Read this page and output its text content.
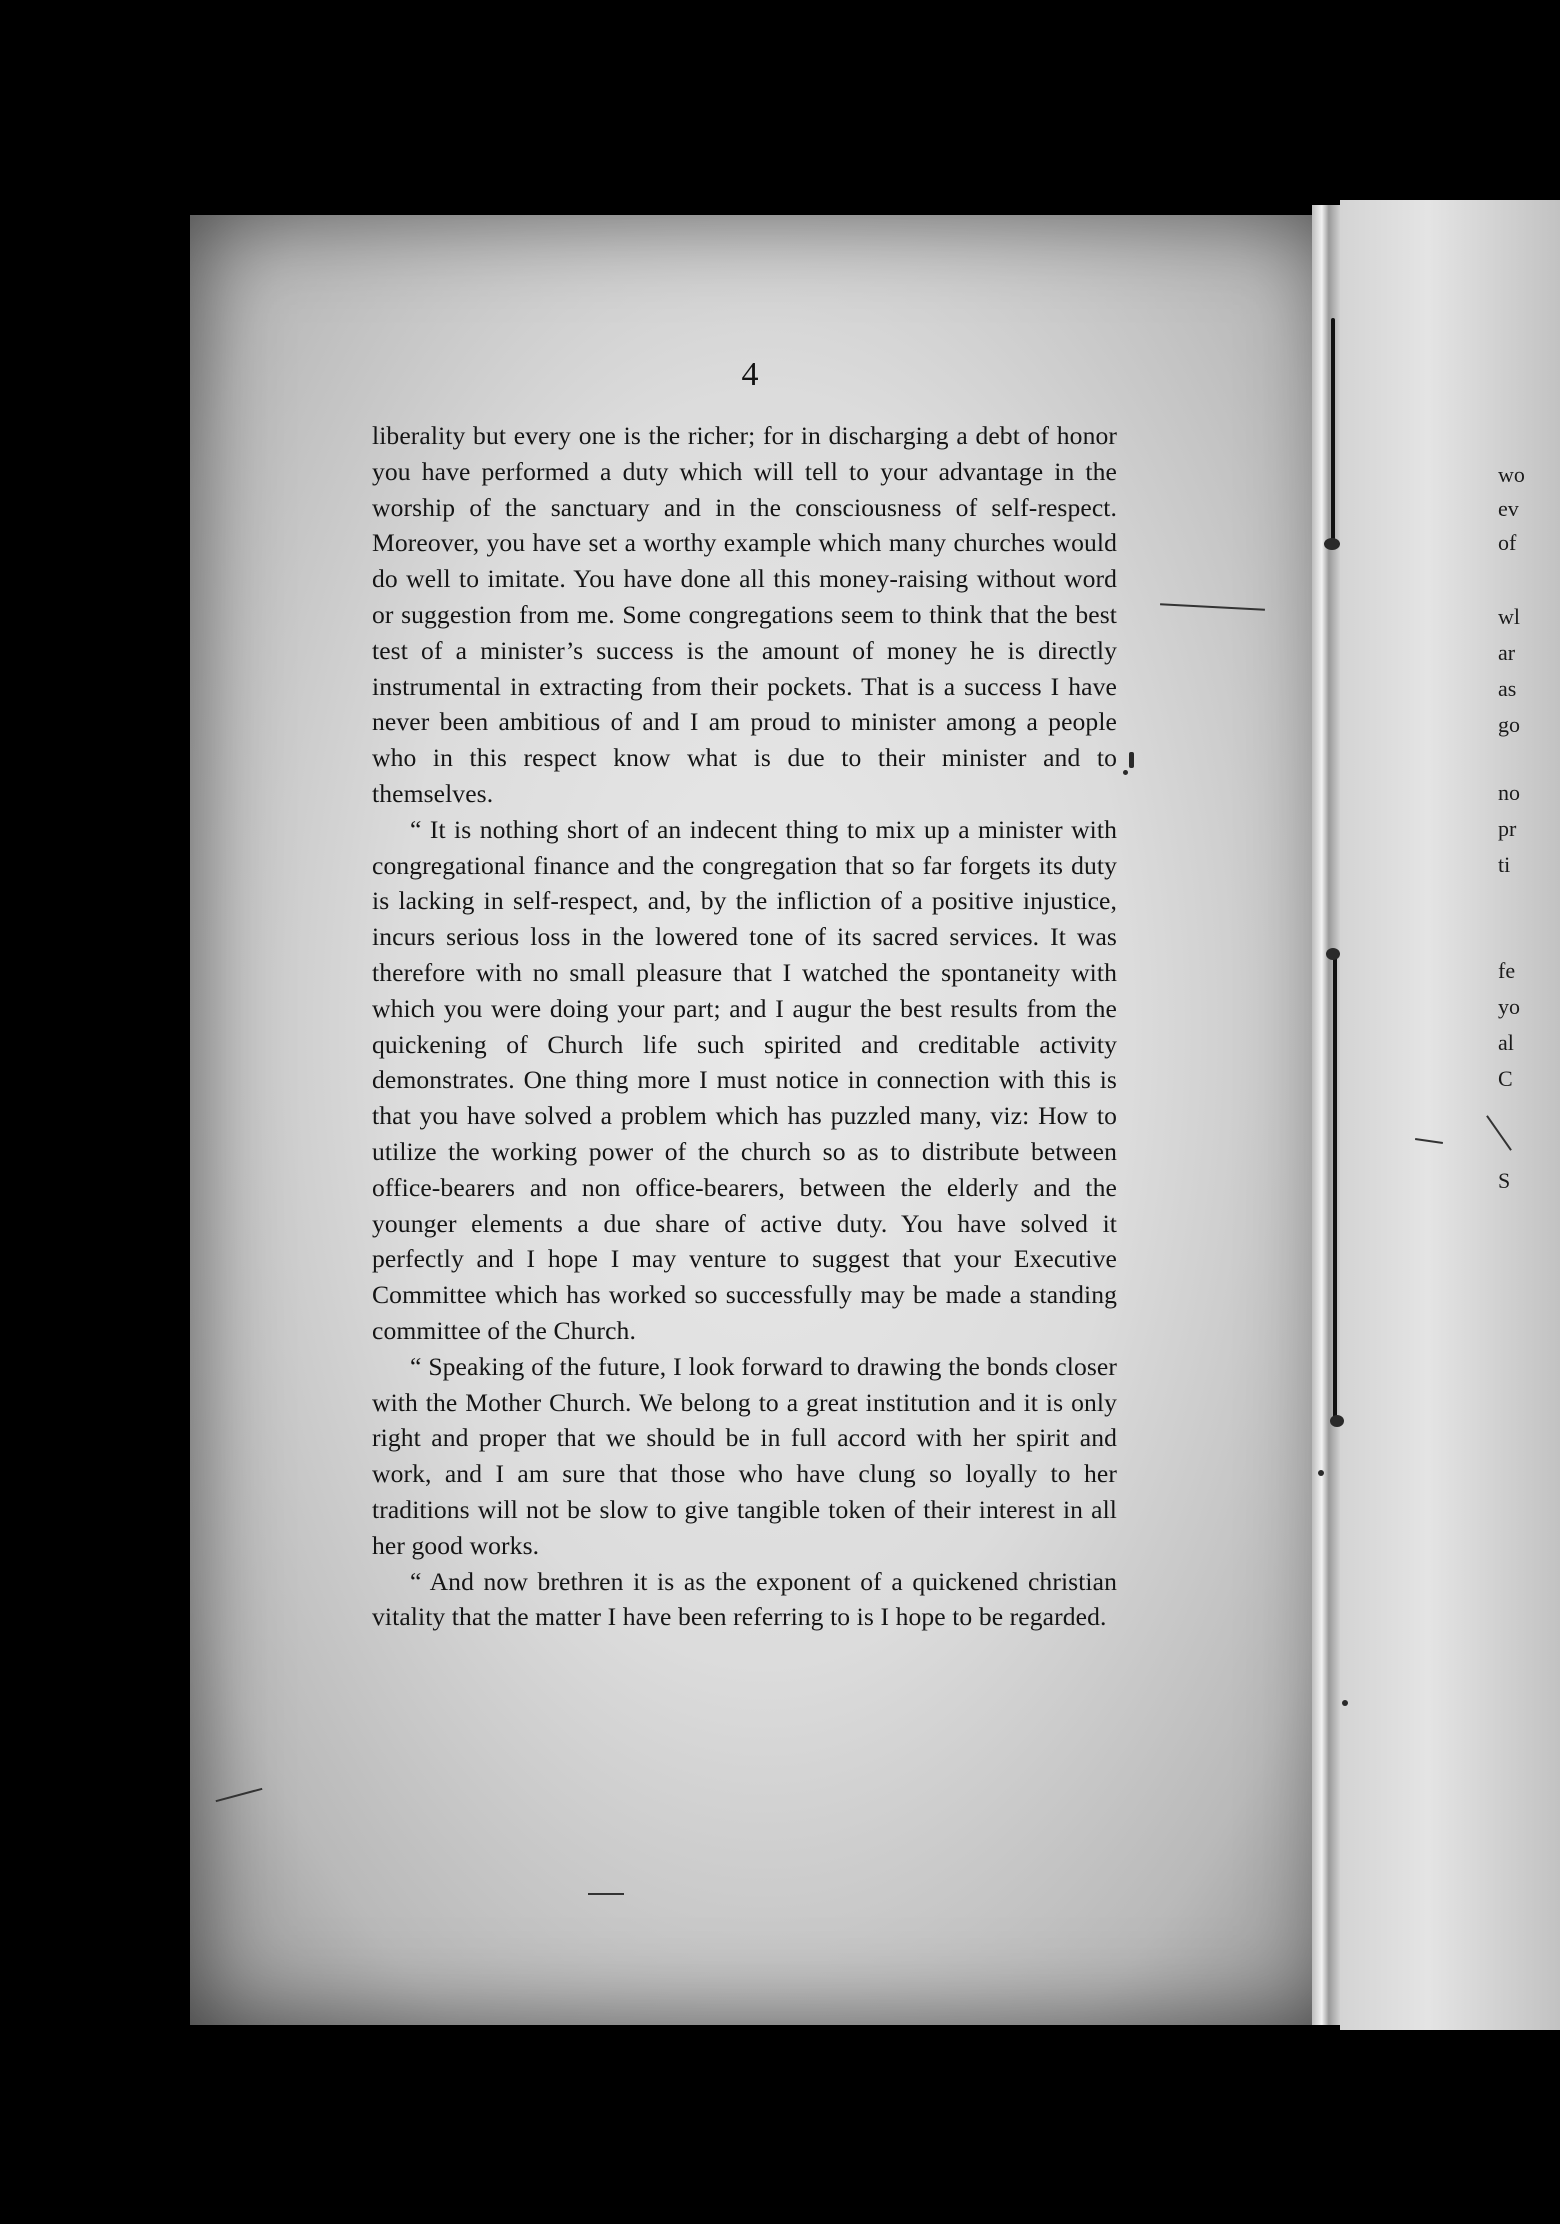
4

liberality but every one is the richer; for in discharging a debt of honor you have performed a duty which will tell to your advantage in the worship of the sanctuary and in the consciousness of self-respect. Moreover, you have set a worthy example which many churches would do well to imitate. You have done all this money-raising without word or suggestion from me. Some congregations seem to think that the best test of a minister’s success is the amount of money he is directly instrumental in extracting from their pockets. That is a success I have never been ambitious of and I am proud to minister among a people who in this respect know what is due to their minister and to themselves.

“ It is nothing short of an indecent thing to mix up a minister with congregational finance and the congregation that so far forgets its duty is lacking in self-respect, and, by the infliction of a positive injustice, incurs serious loss in the lowered tone of its sacred services. It was therefore with no small pleasure that I watched the spontaneity with which you were doing your part; and I augur the best results from the quickening of Church life such spirited and creditable activity demonstrates. One thing more I must notice in connection with this is that you have solved a problem which has puzzled many, viz: How to utilize the working power of the church so as to distribute between office-bearers and non office-bearers, between the elderly and the younger elements a due share of active duty. You have solved it perfectly and I hope I may venture to suggest that your Executive Committee which has worked so successfully may be made a standing committee of the Church.

“ Speaking of the future, I look forward to drawing the bonds closer with the Mother Church. We belong to a great institution and it is only right and proper that we should be in full accord with her spirit and work, and I am sure that those who have clung so loyally to her traditions will not be slow to give tangible token of their interest in all her good works.

“ And now brethren it is as the exponent of a quickened christian vitality that the matter I have been referring to is I hope to be regarded.

wo
ev
of
wl
ar
as
go
no
pr
ti
fe
yo
al
C
S
